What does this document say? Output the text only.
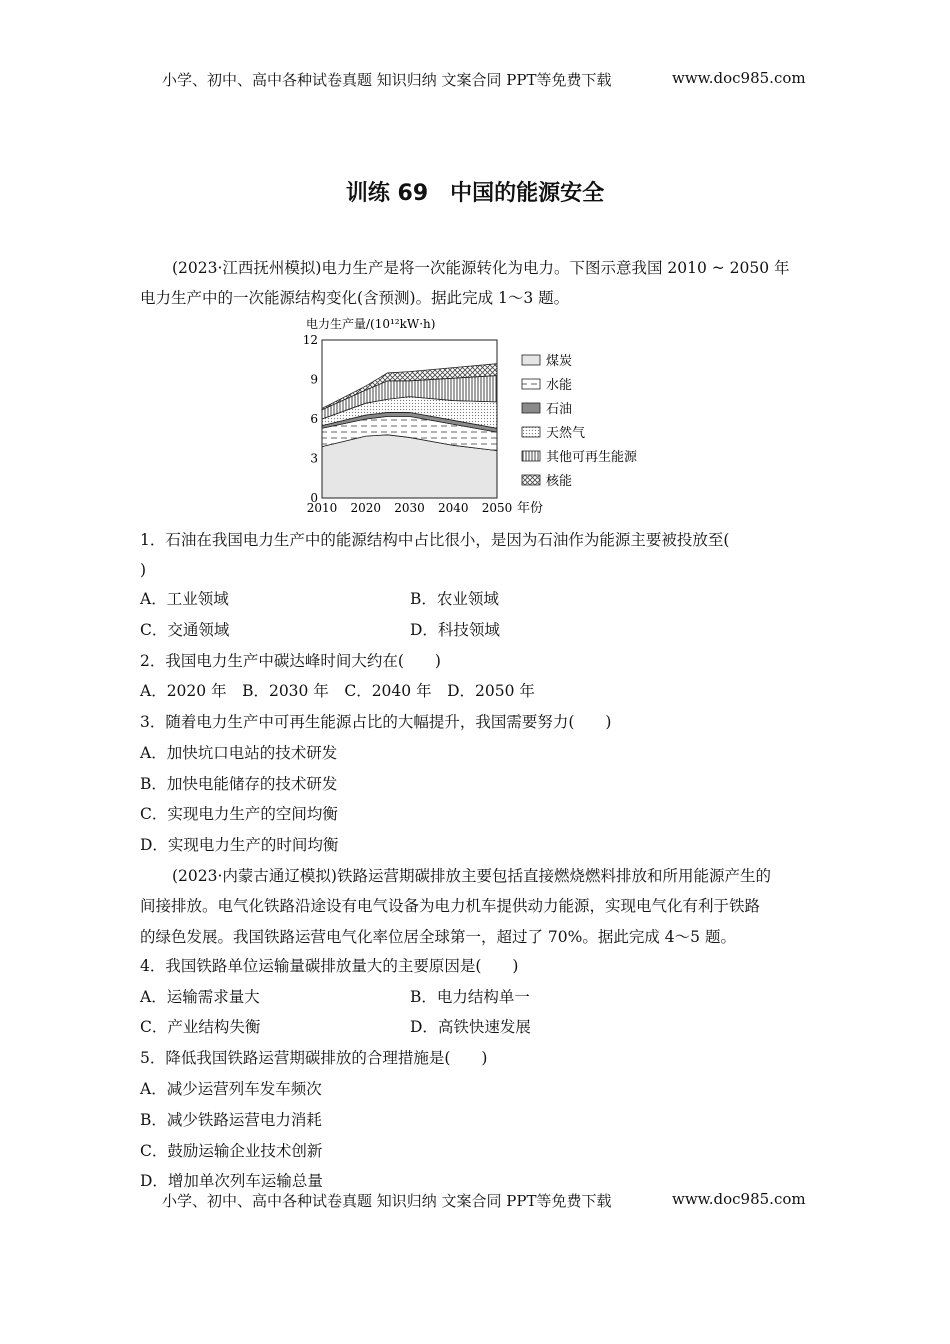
小学、初中、高中各种试卷真题 知识归纳 文案合同 PPT等免费下载	www.doc985.com
训练 69　中国的能源安全
(2023·江西抚州模拟)电力生产是将一次能源转化为电力。下图示意我国 2010 ~ 2050 年
电力生产中的一次能源结构变化(含预测)。据此完成 1～3 题。
0
3
6
9
12
2010 2020 2030 2040 2050
电力生产量/(10¹²kW·h)
年份
煤炭
水能
石油
天然气
其他可再生能源
核能
1．石油在我国电力生产中的能源结构中占比很小，是因为石油作为能源主要被投放至(
)
A．工业领域	B．农业领域
C．交通领域	D．科技领域
2．我国电力生产中碳达峰时间大约在(　　)
A．2020 年　B．2030 年　C．2040 年　D．2050 年
3．随着电力生产中可再生能源占比的大幅提升，我国需要努力(　　)
A．加快坑口电站的技术研发
B．加快电能储存的技术研发
C．实现电力生产的空间均衡
D．实现电力生产的时间均衡
(2023·内蒙古通辽模拟)铁路运营期碳排放主要包括直接燃烧燃料排放和所用能源产生的
间接排放。电气化铁路沿途设有电气设备为电力机车提供动力能源，实现电气化有利于铁路
的绿色发展。我国铁路运营电气化率位居全球第一，超过了 70%。据此完成 4～5 题。
4．我国铁路单位运输量碳排放量大的主要原因是(　　)
A．运输需求量大	B．电力结构单一
C．产业结构失衡	D．高铁快速发展
5．降低我国铁路运营期碳排放的合理措施是(　　)
A．减少运营列车发车频次
B．减少铁路运营电力消耗
C．鼓励运输企业技术创新
D．增加单次列车运输总量
小学、初中、高中各种试卷真题 知识归纳 文案合同 PPT等免费下载	www.doc985.com
